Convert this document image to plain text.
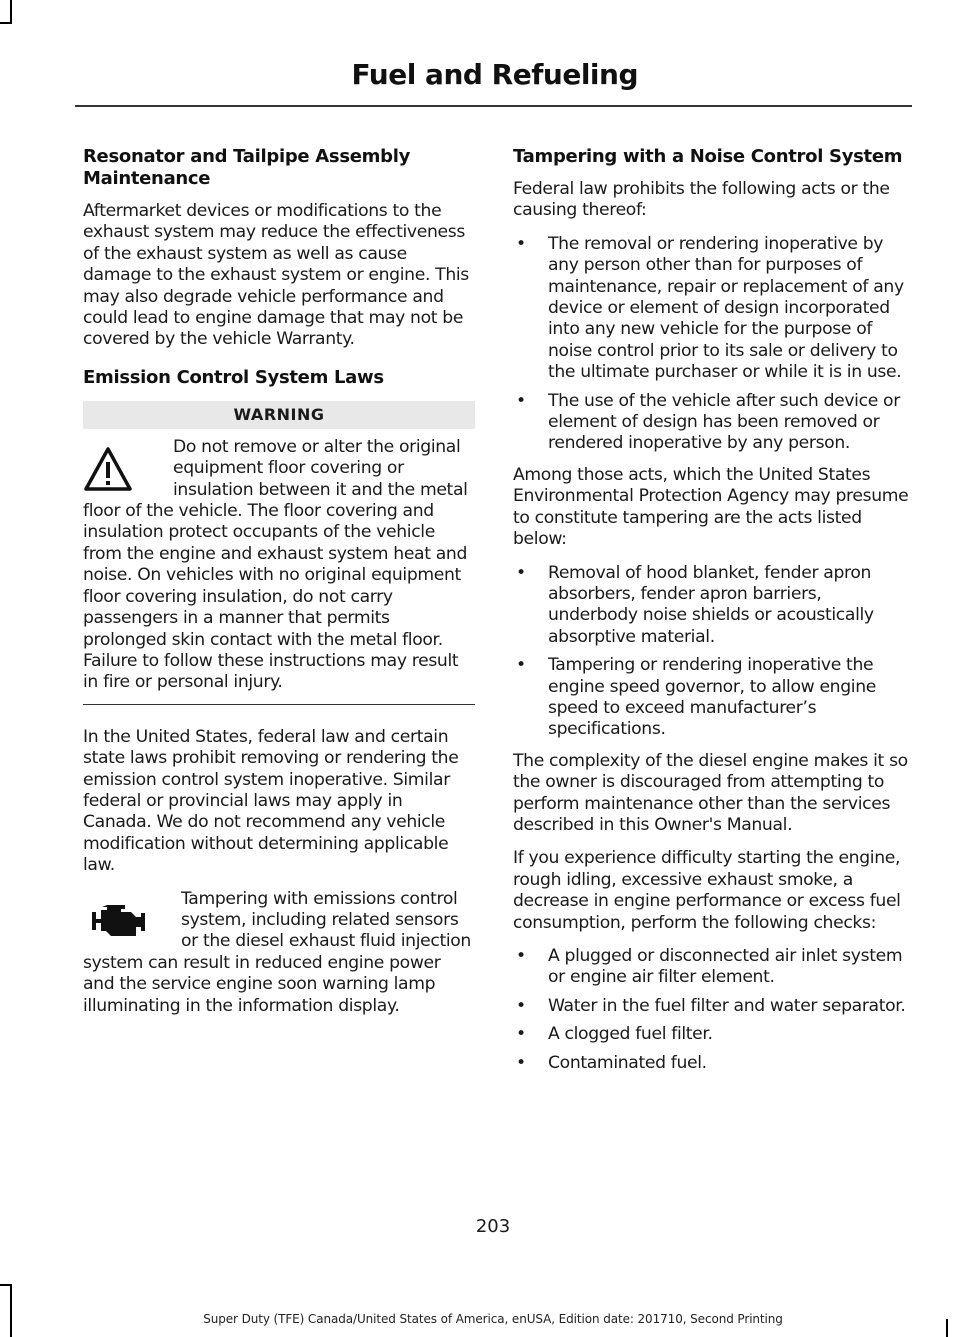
Fuel and Refueling
Resonator and Tailpipe Assembly Maintenance

Aftermarket devices or modifications to the exhaust system may reduce the effectiveness of the exhaust system as well as cause damage to the exhaust system or engine. This may also degrade vehicle performance and could lead to engine damage that may not be covered by the vehicle Warranty.

Emission Control System Laws
WARNING

Do not remove or alter the original equipment floor covering or insulation between it and the metal floor of the vehicle. The floor covering and insulation protect occupants of the vehicle from the engine and exhaust system heat and noise. On vehicles with no original equipment floor covering insulation, do not carry passengers in a manner that permits prolonged skin contact with the metal floor. Failure to follow these instructions may result in fire or personal injury.

In the United States, federal law and certain state laws prohibit removing or rendering the emission control system inoperative. Similar federal or provincial laws may apply in Canada. We do not recommend any vehicle modification without determining applicable law.

Tampering with emissions control system, including related sensors or the diesel exhaust fluid injection system can result in reduced engine power and the service engine soon warning lamp illuminating in the information display.

Tampering with a Noise Control System

Federal law prohibits the following acts or the causing thereof:

• The removal or rendering inoperative by any person other than for purposes of maintenance, repair or replacement of any device or element of design incorporated into any new vehicle for the purpose of noise control prior to its sale or delivery to the ultimate purchaser or while it is in use.
• The use of the vehicle after such device or element of design has been removed or rendered inoperative by any person.

Among those acts, which the United States Environmental Protection Agency may presume to constitute tampering are the acts listed below:

• Removal of hood blanket, fender apron absorbers, fender apron barriers, underbody noise shields or acoustically absorptive material.
• Tampering or rendering inoperative the engine speed governor, to allow engine speed to exceed manufacturer’s specifications.

The complexity of the diesel engine makes it so the owner is discouraged from attempting to perform maintenance other than the services described in this Owner's Manual.

If you experience difficulty starting the engine, rough idling, excessive exhaust smoke, a decrease in engine performance or excess fuel consumption, perform the following checks:

• A plugged or disconnected air inlet system or engine air filter element.
• Water in the fuel filter and water separator.
• A clogged fuel filter.
• Contaminated fuel.
203
Super Duty (TFE) Canada/United States of America, enUSA, Edition date: 201710, Second Printing
